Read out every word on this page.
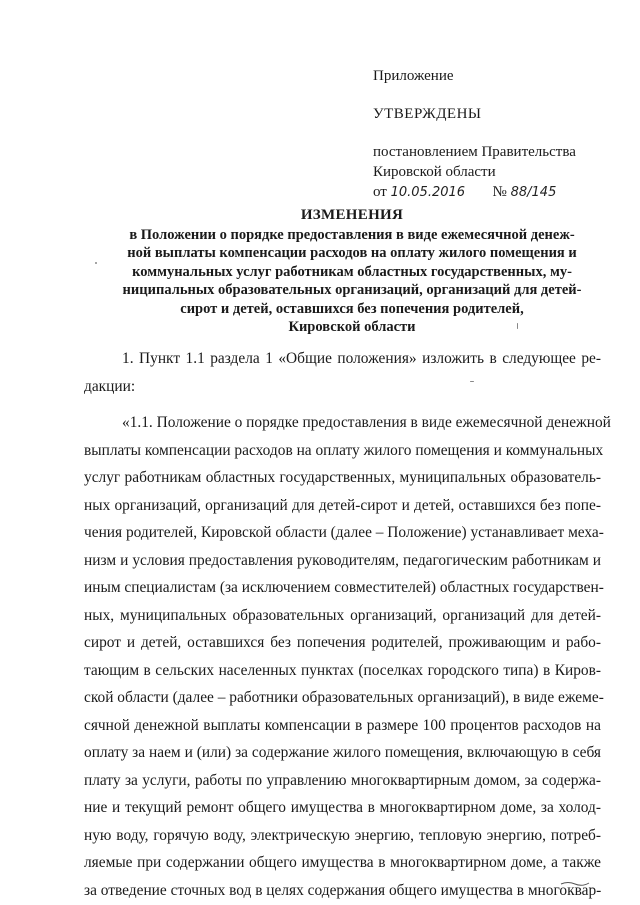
Приложение
УТВЕРЖДЕНЫ
постановлением Правительства
Кировской области
от 10.05.2016 № 88/145
ИЗМЕНЕНИЯ
в Положении о порядке предоставления в виде ежемесячной денеж-
ной выплаты компенсации расходов на оплату жилого помещения и
коммунальных услуг работникам областных государственных, му-
ниципальных образовательных организаций, организаций для детей-
сирот и детей, оставшихся без попечения родителей,
Кировской области
1. Пункт 1.1 раздела 1 «Общие положения» изложить в следующее ре-
дакции:
«1.1. Положение о порядке предоставления в виде ежемесячной денежной
выплаты компенсации расходов на оплату жилого помещения и коммунальных
услуг работникам областных государственных, муниципальных образователь-
ных организаций, организаций для детей-сирот и детей, оставшихся без попе-
чения родителей, Кировской области (далее – Положение) устанавливает меха-
низм и условия предоставления руководителям, педагогическим работникам и
иным специалистам (за исключением совместителей) областных государствен-
ных, муниципальных образовательных организаций, организаций для детей-
сирот и детей, оставшихся без попечения родителей, проживающим и рабо-
тающим в сельских населенных пунктах (поселках городского типа) в Киров-
ской области (далее – работники образовательных организаций), в виде ежеме-
сячной денежной выплаты компенсации в размере 100 процентов расходов на
оплату за наем и (или) за содержание жилого помещения, включающую в себя
плату за услуги, работы по управлению многоквартирным домом, за содержа-
ние и текущий ремонт общего имущества в многоквартирном доме, за холод-
ную воду, горячую воду, электрическую энергию, тепловую энергию, потреб-
ляемые при содержании общего имущества в многоквартирном доме, а также
за отведение сточных вод в целях содержания общего имущества в многоквар-
